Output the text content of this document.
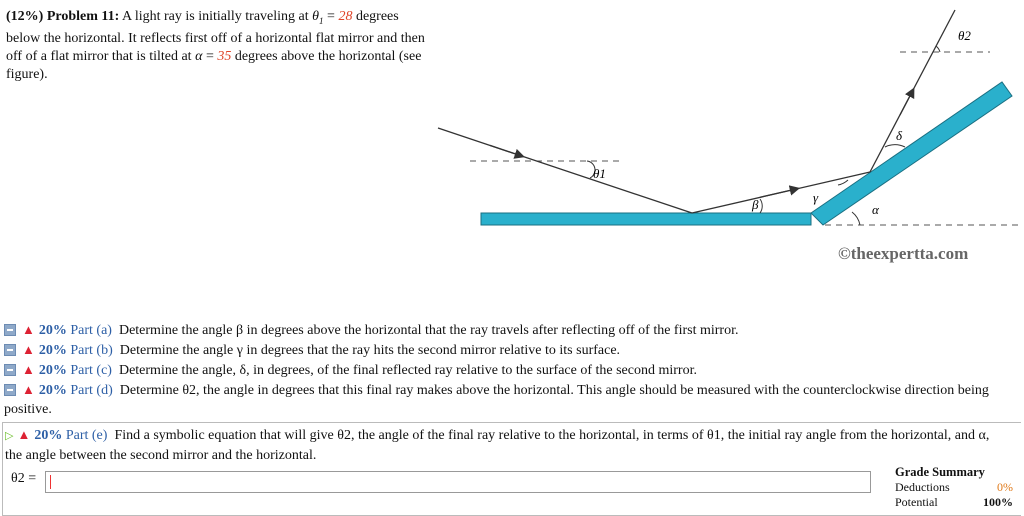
(12%) Problem 11: A light ray is initially traveling at $\theta_1 = 28$ degrees below the horizontal. It reflects first off of a horizontal flat mirror and then off of a flat mirror that is tilted at α = 35 degrees above the horizontal (see figure).
θ1
β	γ
δ
α
θ2
©theexpertta.com
▲ 20% Part (a) Determine the angle β in degrees above the horizontal that the ray travels after reflecting off of the first mirror.
▲ 20% Part (b) Determine the angle γ in degrees that the ray hits the second mirror relative to its surface.
▲ 20% Part (c) Determine the angle, δ, in degrees, of the final reflected ray relative to the surface of the second mirror.
▲ 20% Part (d) Determine θ2, the angle in degrees that this final ray makes above the horizontal. This angle should be measured with the counterclockwise direction being positive.
▷ ▲ 20% Part (e) Find a symbolic equation that will give θ2, the angle of the final ray relative to the horizontal, in terms of θ1, the initial ray angle from the horizontal, and α, the angle between the second mirror and the horizontal.
θ2 =	Grade Summary
Deductions	0%
Potential	100%
